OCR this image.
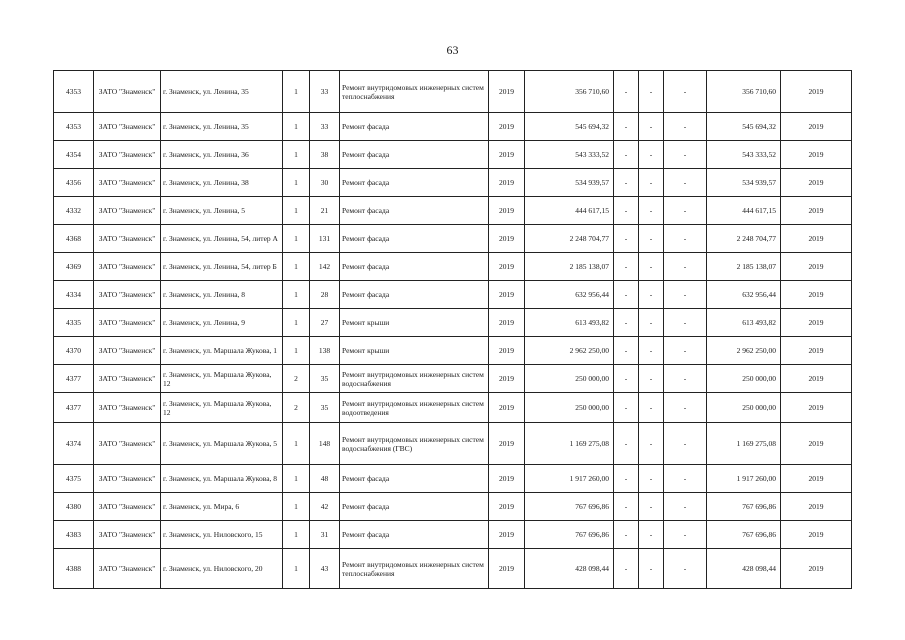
63
4353	ЗАТО "Знаменск"	г. Знаменск, ул. Ленина, 35	1	33	Ремонт внутридомовых инженерных систем теплоснабжения	2019	356 710,60	-	-	-	356 710,60	2019
4353	ЗАТО "Знаменск"	г. Знаменск, ул. Ленина, 35	1	33	Ремонт фасада	2019	545 694,32	-	-	-	545 694,32	2019
4354	ЗАТО "Знаменск"	г. Знаменск, ул. Ленина, 36	1	38	Ремонт фасада	2019	543 333,52	-	-	-	543 333,52	2019
4356	ЗАТО "Знаменск"	г. Знаменск, ул. Ленина, 38	1	30	Ремонт фасада	2019	534 939,57	-	-	-	534 939,57	2019
4332	ЗАТО "Знаменск"	г. Знаменск, ул. Ленина, 5	1	21	Ремонт фасада	2019	444 617,15	-	-	-	444 617,15	2019
4368	ЗАТО "Знаменск"	г. Знаменск, ул. Ленина, 54, литер А	1	131	Ремонт фасада	2019	2 248 704,77	-	-	-	2 248 704,77	2019
4369	ЗАТО "Знаменск"	г. Знаменск, ул. Ленина, 54, литер Б	1	142	Ремонт фасада	2019	2 185 138,07	-	-	-	2 185 138,07	2019
4334	ЗАТО "Знаменск"	г. Знаменск, ул. Ленина, 8	1	28	Ремонт фасада	2019	632 956,44	-	-	-	632 956,44	2019
4335	ЗАТО "Знаменск"	г. Знаменск, ул. Ленина, 9	1	27	Ремонт крыши	2019	613 493,82	-	-	-	613 493,82	2019
4370	ЗАТО "Знаменск"	г. Знаменск, ул. Маршала Жукова, 1	1	138	Ремонт крыши	2019	2 962 250,00	-	-	-	2 962 250,00	2019
4377	ЗАТО "Знаменск"	г. Знаменск, ул. Маршала Жукова, 12	2	35	Ремонт внутридомовых инженерных систем водоснабжения	2019	250 000,00	-	-	-	250 000,00	2019
4377	ЗАТО "Знаменск"	г. Знаменск, ул. Маршала Жукова, 12	2	35	Ремонт внутридомовых инженерных систем водоотведения	2019	250 000,00	-	-	-	250 000,00	2019
4374	ЗАТО "Знаменск"	г. Знаменск, ул. Маршала Жукова, 5	1	148	Ремонт внутридомовых инженерных систем водоснабжения (ГВС)	2019	1 169 275,08	-	-	-	1 169 275,08	2019
4375	ЗАТО "Знаменск"	г. Знаменск, ул. Маршала Жукова, 8	1	48	Ремонт фасада	2019	1 917 260,00	-	-	-	1 917 260,00	2019
4380	ЗАТО "Знаменск"	г. Знаменск, ул. Мира, 6	1	42	Ремонт фасада	2019	767 696,86	-	-	-	767 696,86	2019
4383	ЗАТО "Знаменск"	г. Знаменск, ул. Ниловского, 15	1	31	Ремонт фасада	2019	767 696,86	-	-	-	767 696,86	2019
4388	ЗАТО "Знаменск"	г. Знаменск, ул. Ниловского, 20	1	43	Ремонт внутридомовых инженерных систем теплоснабжения	2019	428 098,44	-	-	-	428 098,44	2019
